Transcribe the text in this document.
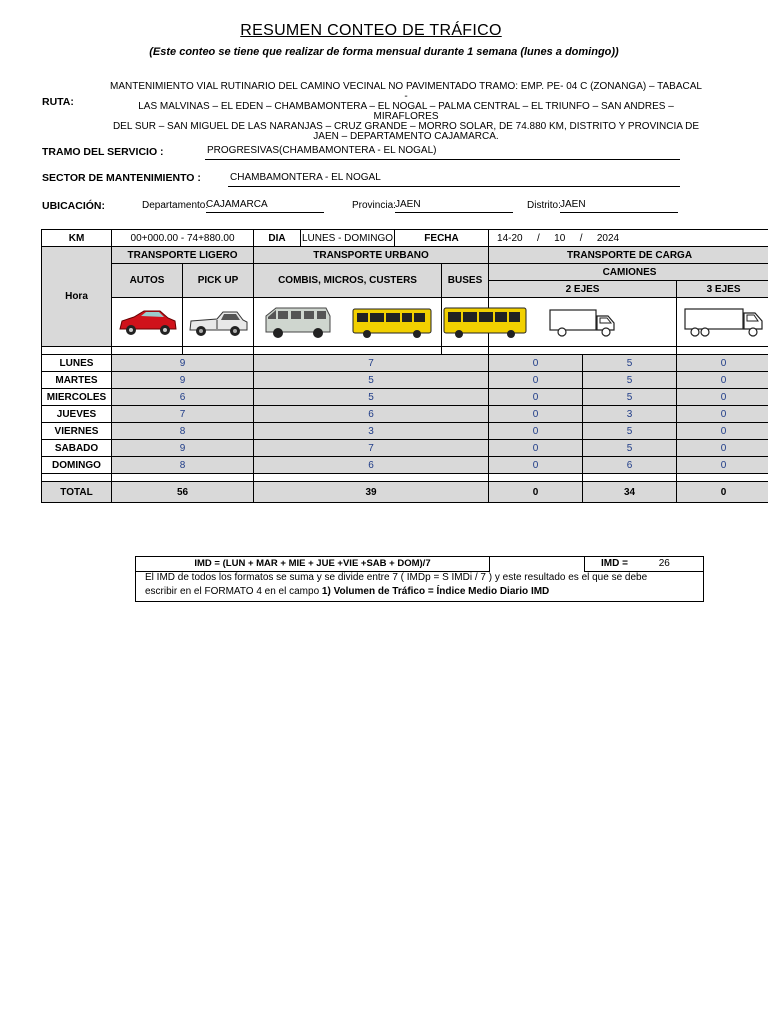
RESUMEN CONTEO DE TRÁFICO
(Este conteo se tiene que realizar de forma mensual durante 1 semana (lunes a domingo))
RUTA:
MANTENIMIENTO VIAL RUTINARIO DEL CAMINO VECINAL NO PAVIMENTADO TRAMO: EMP. PE- 04 C (ZONANGA) – TABACAL -
LAS MALVINAS – EL EDEN – CHAMBAMONTERA – EL NOGAL – PALMA CENTRAL – EL TRIUNFO – SAN ANDRES – MIRAFLORES
DEL SUR – SAN MIGUEL DE LAS NARANJAS – CRUZ GRANDE – MORRO SOLAR, DE 74.880 KM, DISTRITO Y PROVINCIA DE
JAEN – DEPARTAMENTO CAJAMARCA.
TRAMO DEL SERVICIO :	PROGRESIVAS(CHAMBAMONTERA - EL NOGAL)
SECTOR DE MANTENIMIENTO :	CHAMBAMONTERA - EL NOGAL
UBICACIÓN:	Departamento:
CAJAMARCA	Provincia: JAEN	Distrito: JAEN
KM	00+000.00 - 74+880.00		DIA	LUNES - DOMINGO	FECHA		14-20 / 10 / 2024		
Hora	TRANSPORTE LIGERO		TRANSPORTE URBANO				TRANSPORTE DE CARGA		
	AUTOS	PICK UP	COMBIS, MICROS, CUSTERS			BUSES	CAMIONES		
							2 EJES		3 EJES

LUNES	9		7				0	5	0
MARTES	9		5				0	5	0
MIERCOLES	6		5				0	5	0
JUEVES	7		6				0	3	0
VIERNES	8		3				0	5	0
SABADO	9		7				0	5	0
DOMINGO	8		6				0	6	0

TOTAL	56		39				0	34	0
IMD = (LUN + MAR + MIE + JUE +VIE +SAB + DOM)/7	IMD =	26
El IMD de todos los formatos se suma y se divide entre 7 ( IMDp = S IMDi / 7 ) y este resultado es el que se debe
escribir en el FORMATO 4 en el campo 1) Volumen de Tráfico = Índice Medio Diario IMD
